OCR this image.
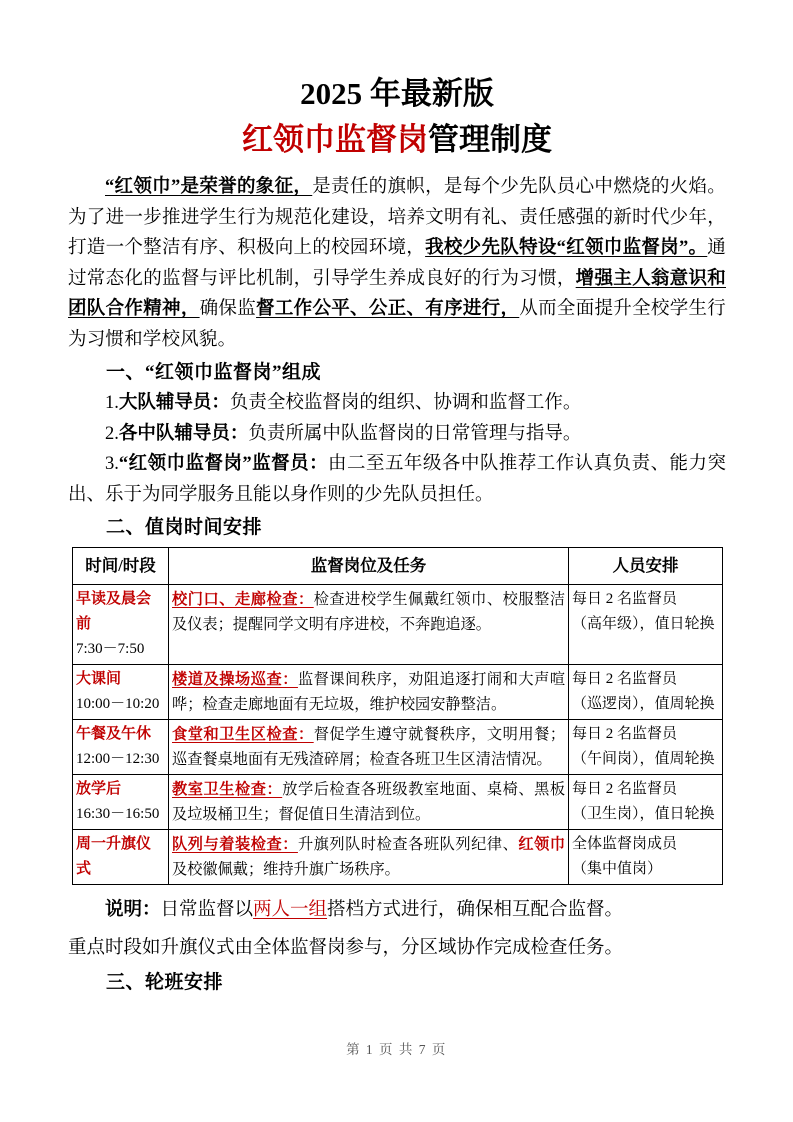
2025 年最新版
红领巾监督岗管理制度

“红领巾”是荣誉的象征，是责任的旗帜，是每个少先队员心中燃烧的火焰。为了进一步推进学生行为规范化建设，培养文明有礼、责任感强的新时代少年，打造一个整洁有序、积极向上的校园环境，我校少先队特设“红领巾监督岗”。通过常态化的监督与评比机制，引导学生养成良好的行为习惯，增强主人翁意识和团队合作精神，确保监督工作公平、公正、有序进行，从而全面提升全校学生行为习惯和学校风貌。

一、“红领巾监督岗”组成

1.大队辅导员：负责全校监督岗的组织、协调和监督工作。

2.各中队辅导员：负责所属中队监督岗的日常管理与指导。

3.“红领巾监督岗”监督员：由二至五年级各中队推荐工作认真负责、能力突出、乐于为同学服务且能以身作则的少先队员担任。

二、值岗时间安排
时间/时段	监督岗位及任务	人员安排

早读及晨会前
7:30－7:50	校门口、走廊检查：检查进校学生佩戴红领巾、校服整洁及仪表；提醒同学文明有序进校，不奔跑追逐。	每日 2 名监督员
（高年级），值日轮换

大课间
10:00－10:20	楼道及操场巡查：监督课间秩序，劝阻追逐打闹和大声喧哗；检查走廊地面有无垃圾，维护校园安静整洁。	每日 2 名监督员
（巡逻岗），值周轮换

午餐及午休
12:00－12:30	食堂和卫生区检查：督促学生遵守就餐秩序，文明用餐；巡查餐桌地面有无残渣碎屑；检查各班卫生区清洁情况。	每日 2 名监督员
（午间岗），值周轮换

放学后
16:30－16:50	教室卫生检查：放学后检查各班级教室地面、桌椅、黑板及垃圾桶卫生；督促值日生清洁到位。	每日 2 名监督员
（卫生岗），值日轮换

周一升旗仪式	队列与着装检查：升旗列队时检查各班队列纪律、红领巾及校徽佩戴；维持升旗广场秩序。	全体监督岗成员
（集中值岗）

说明：日常监督以两人一组搭档方式进行，确保相互配合监督。

重点时段如升旗仪式由全体监督岗参与，分区域协作完成检查任务。

三、轮班安排
第 1 页 共 7 页
